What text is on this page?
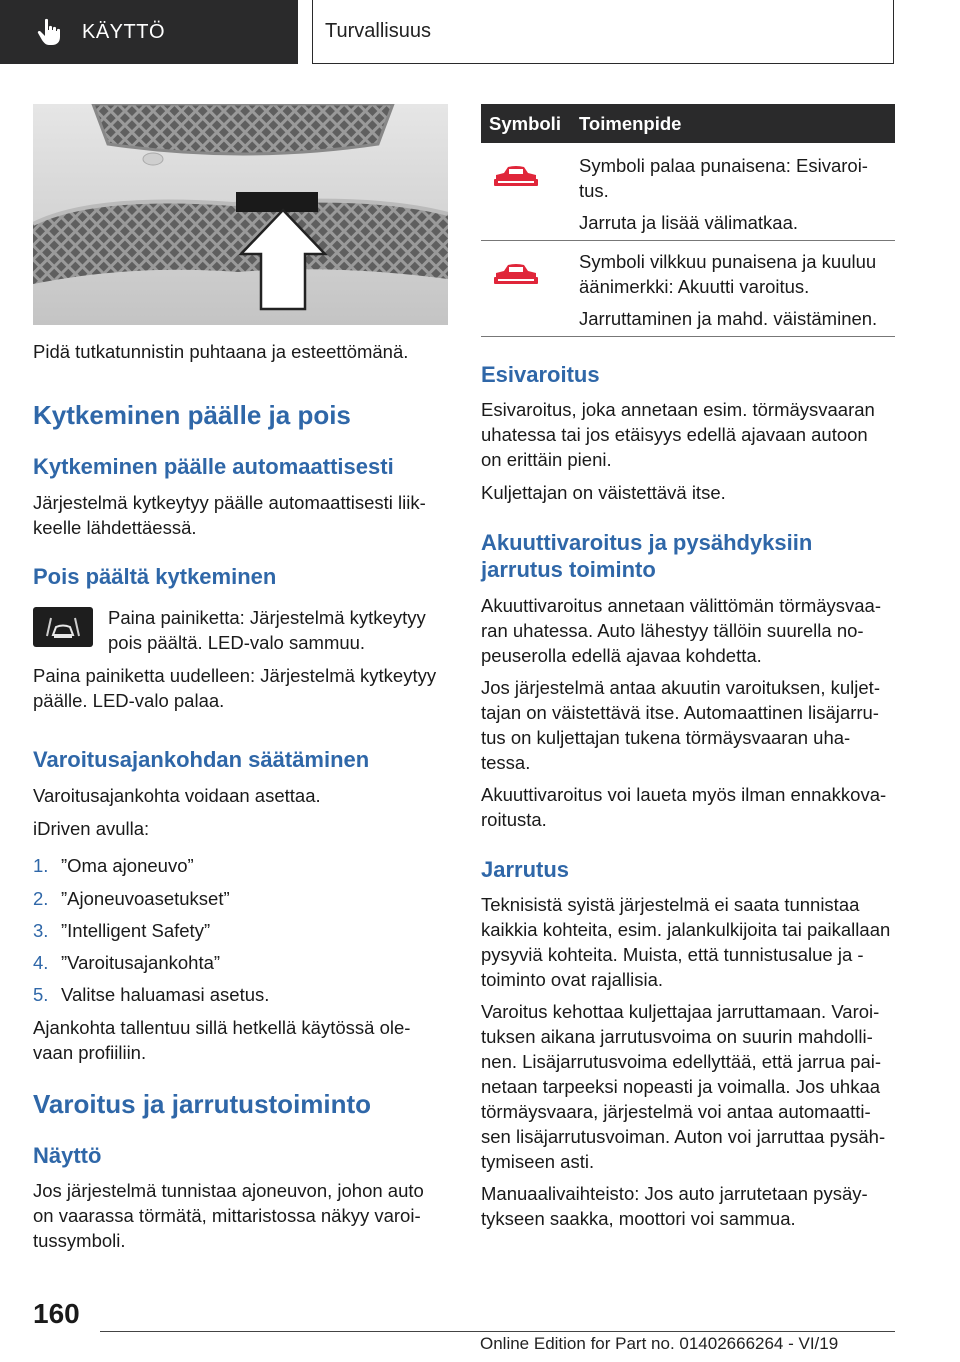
KÄYTTÖ	Turvallisuus
Pidä tutkatunnistin puhtaana ja esteettömänä.
Kytkeminen päälle ja pois
Kytkeminen päälle automaattisesti
Järjestelmä kytkeytyy päälle automaattisesti liik-
keelle lähdettäessä.
Pois päältä kytkeminen
Paina painiketta: Järjestelmä kytkeytyy
pois päältä. LED-valo sammuu.
Paina painiketta uudelleen: Järjestelmä kytkeytyy
päälle. LED-valo palaa.
Varoitusajankohdan säätäminen
Varoitusajankohta voidaan asettaa.
iDriven avulla:
1. ”Oma ajoneuvo”
2. ”Ajoneuvoasetukset”
3. ”Intelligent Safety”
4. ”Varoitusajankohta”
5. Valitse haluamasi asetus.
Ajankohta tallentuu sillä hetkellä käytössä ole-
vaan profiiliin.
Varoitus ja jarrutustoiminto
Näyttö
Jos järjestelmä tunnistaa ajoneuvon, johon auto
on vaarassa törmätä, mittaristossa näkyy varoi-
tussymboli.
Symboli Toimenpide
Symboli palaa punaisena: Esivaroi-
tus.
Jarruta ja lisää välimatkaa.
Symboli vilkkuu punaisena ja kuuluu
äänimerkki: Akuutti varoitus.
Jarruttaminen ja mahd. väistäminen.
Esivaroitus
Esivaroitus, joka annetaan esim. törmäysvaaran
uhatessa tai jos etäisyys edellä ajavaan autoon
on erittäin pieni.
Kuljettajan on väistettävä itse.
Akuuttivaroitus ja pysähdyksiin
jarrutus toiminto
Akuuttivaroitus annetaan välittömän törmäysvaa-
ran uhatessa. Auto lähestyy tällöin suurella no-
peuserolla edellä ajavaa kohdetta.
Jos järjestelmä antaa akuutin varoituksen, kuljet-
tajan on väistettävä itse. Automaattinen lisäjarru-
tus on kuljettajan tukena törmäysvaaran uha-
tessa.
Akuuttivaroitus voi laueta myös ilman ennakkova-
roitusta.
Jarrutus
Teknisistä syistä järjestelmä ei saata tunnistaa
kaikkia kohteita, esim. jalankulkijoita tai paikallaan
pysyviä kohteita. Muista, että tunnistusalue ja -
toiminto ovat rajallisia.
Varoitus kehottaa kuljettajaa jarruttamaan. Varoi-
tuksen aikana jarrutusvoima on suurin mahdolli-
nen. Lisäjarrutusvoima edellyttää, että jarrua pai-
netaan tarpeeksi nopeasti ja voimalla. Jos uhkaa
törmäysvaara, järjestelmä voi antaa automaatti-
sen lisäjarrutusvoiman. Auton voi jarruttaa pysäh-
tymiseen asti.
Manuaalivaihteisto: Jos auto jarrutetaan pysäy-
tykseen saakka, moottori voi sammua.
160
Online Edition for Part no. 01402666264 - VI/19
